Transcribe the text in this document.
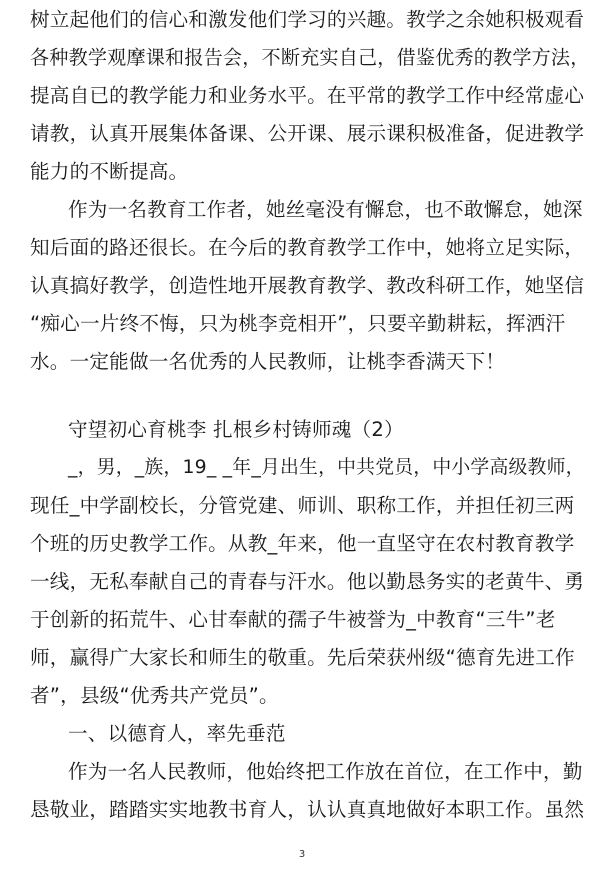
树立起他们的信心和激发他们学习的兴趣。教学之余她积极观看
各种教学观摩课和报告会，不断充实自己，借鉴优秀的教学方法，
提高自已的教学能力和业务水平。在平常的教学工作中经常虚心
请教，认真开展集体备课、公开课、展示课积极准备，促进教学
能力的不断提高。
作为一名教育工作者，她丝毫没有懈怠，也不敢懈怠，她深
知后面的路还很长。在今后的教育教学工作中，她将立足实际，
认真搞好教学，创造性地开展教育教学、教改科研工作，她坚信
“痴心一片终不悔，只为桃李竞相开”，只要辛勤耕耘，挥洒汗
水。一定能做一名优秀的人民教师，让桃李香满天下！
守望初心育桃李 扎根乡村铸师魂（2）
_，男，_族，19_ _年_月出生，中共党员，中小学高级教师，
现任_中学副校长，分管党建、师训、职称工作，并担任初三两
个班的历史教学工作。从教_年来，他一直坚守在农村教育教学
一线，无私奉献自己的青春与汗水。他以勤恳务实的老黄牛、勇
于创新的拓荒牛、心甘奉献的孺子牛被誉为_中教育“三牛”老
师，赢得广大家长和师生的敬重。先后荣获州级“德育先进工作
者”，县级“优秀共产党员”。
一、以德育人，率先垂范
作为一名人民教师，他始终把工作放在首位，在工作中，勤
恳敬业，踏踏实实地教书育人，认认真真地做好本职工作。虽然
3
